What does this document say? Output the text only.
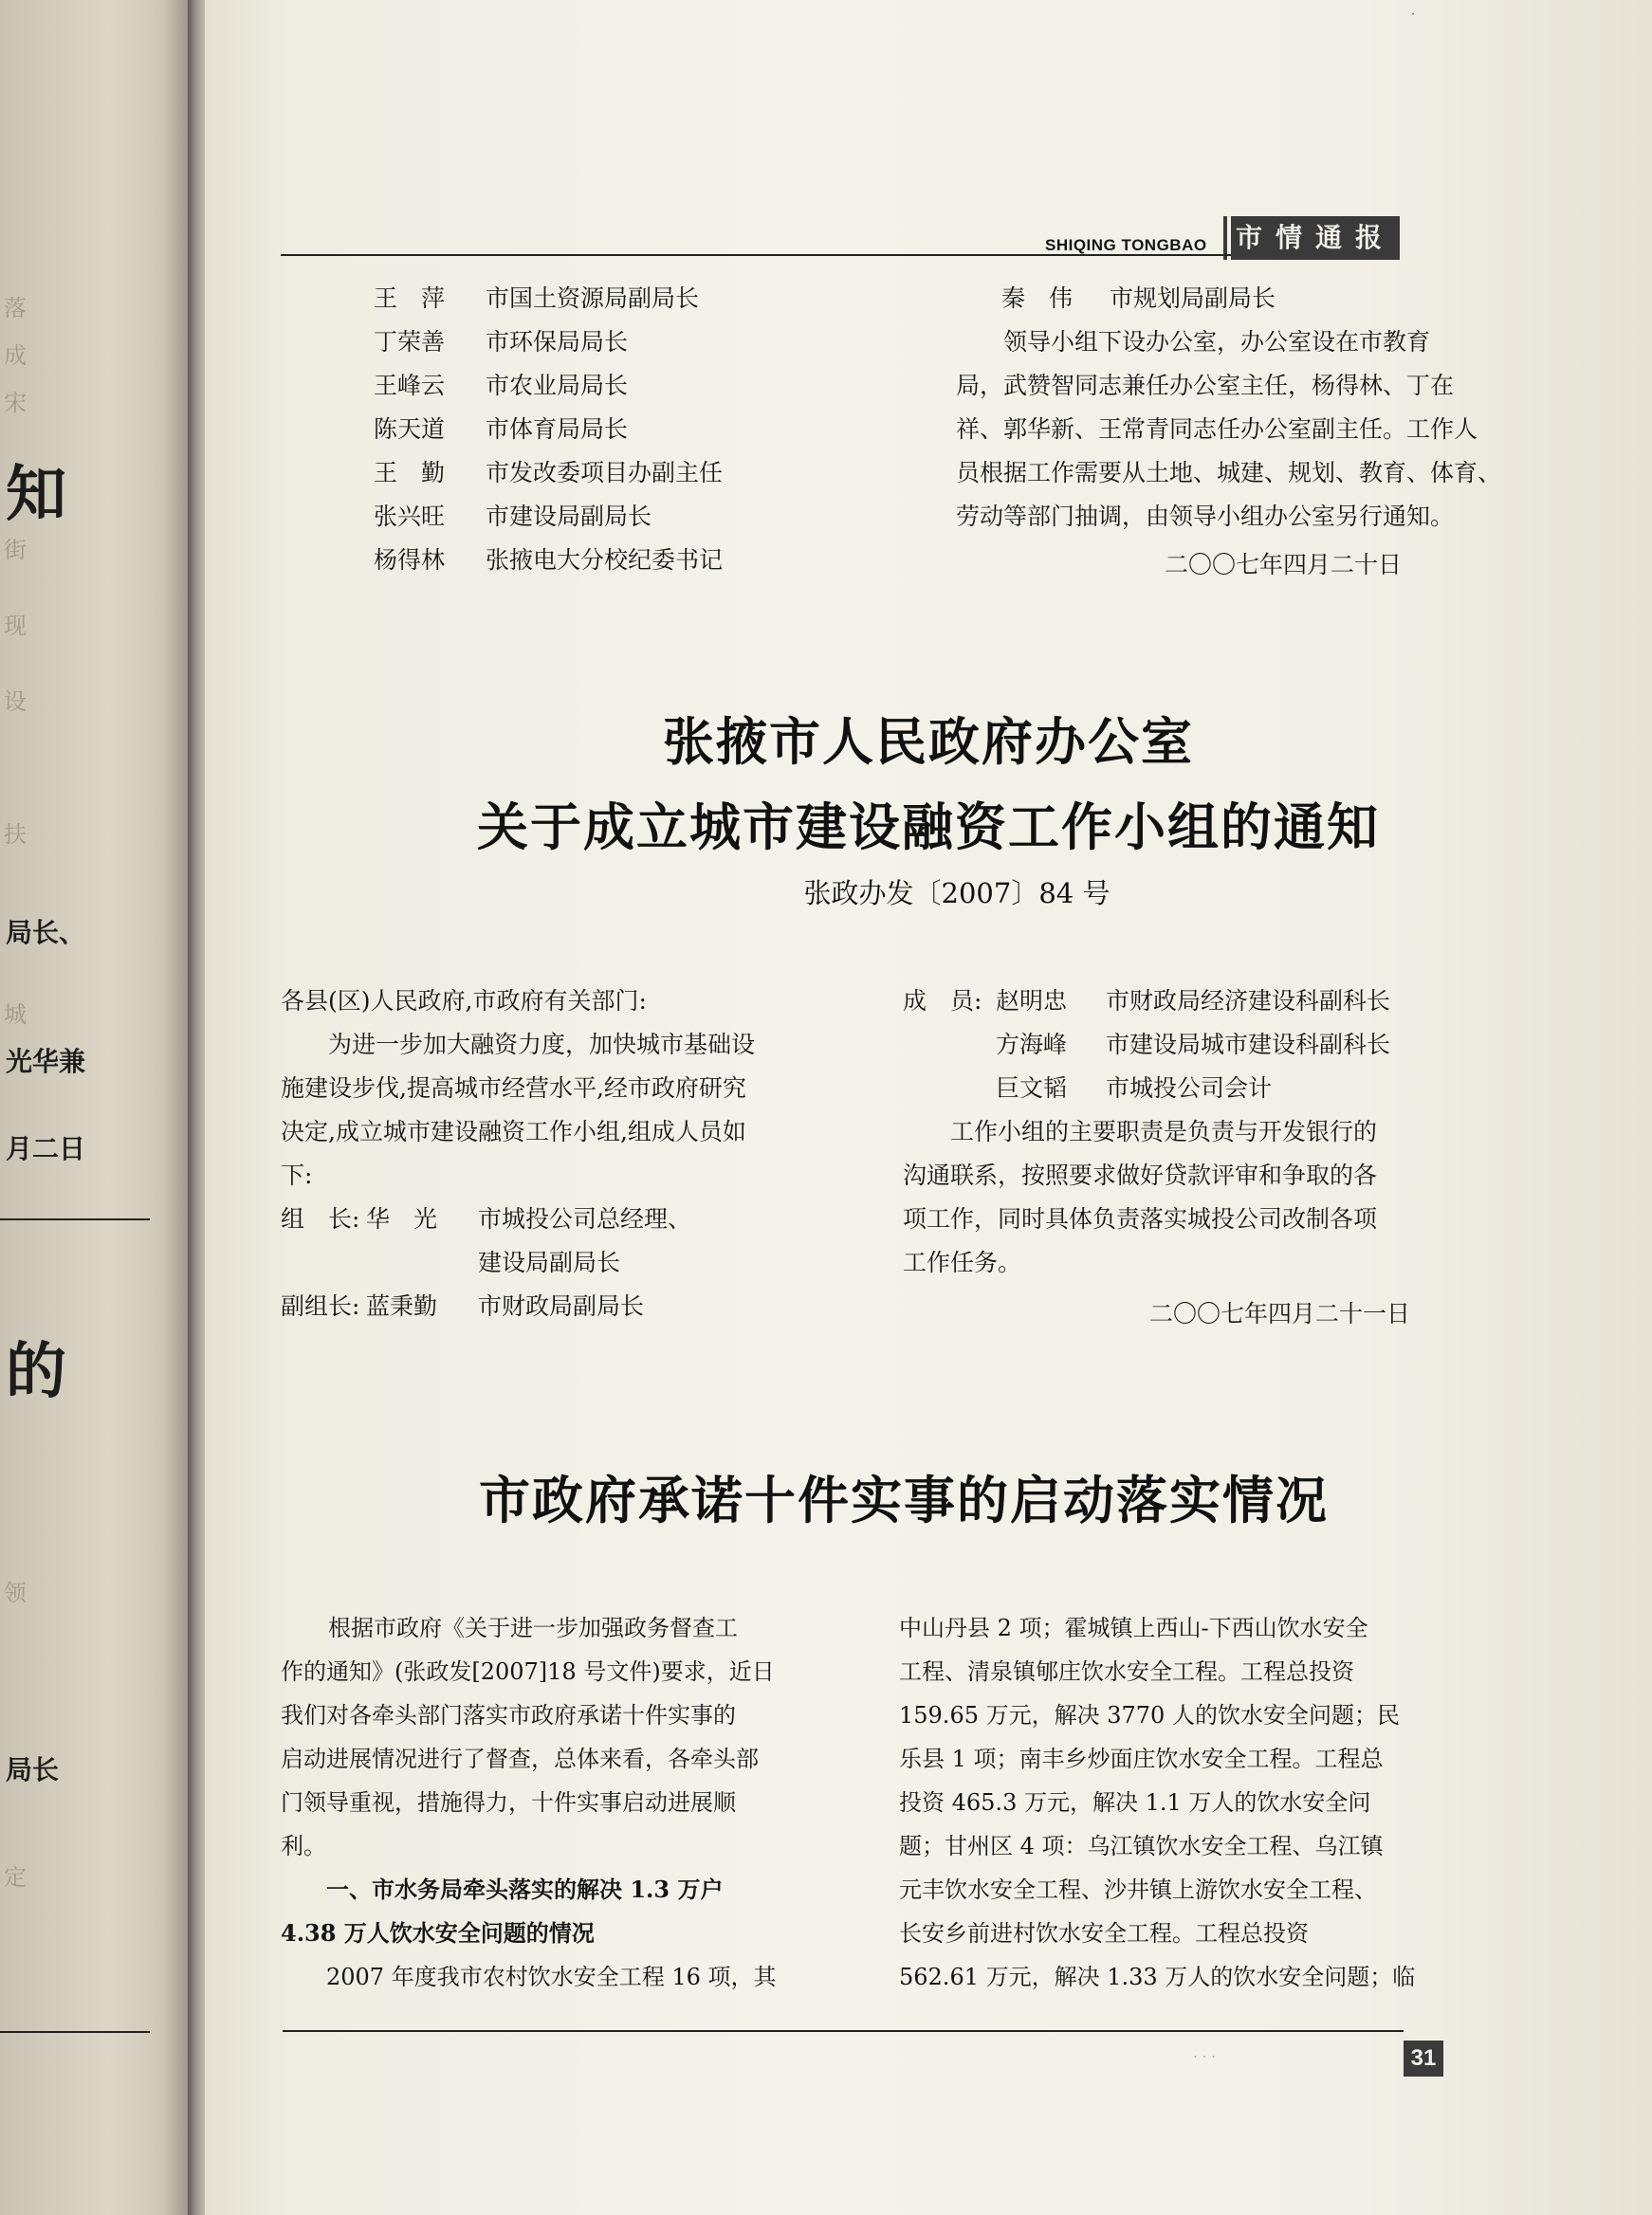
落
成
宋
知
街
现
设
扶
局长、
城
光华兼
月二日
的
领
局长
定
·
SHIQING TONGBAO 市情通报
王　萍 市国土资源局副局长
丁荣善 市环保局局长
王峰云 市农业局局长
陈天道 市体育局局长
王　勤 市发改委项目办副主任
张兴旺 市建设局副局长
杨得林 张掖电大分校纪委书记
秦　伟 市规划局副局长
领导小组下设办公室，办公室设在市教育
局，武赞智同志兼任办公室主任，杨得林、丁在
祥、郭华新、王常青同志任办公室副主任。工作人
员根据工作需要从土地、城建、规划、教育、体育、
劳动等部门抽调，由领导小组办公室另行通知。
二〇〇七年四月二十日
张掖市人民政府办公室
关于成立城市建设融资工作小组的通知
张政办发〔2007〕84 号
各县(区)人民政府,市政府有关部门:
为进一步加大融资力度，加快城市基础设
施建设步伐,提高城市经营水平,经市政府研究
决定,成立城市建设融资工作小组,组成人员如
下:
组　长: 华　光 市城投公司总经理、
建设局副局长
副组长: 蓝秉勤 市财政局副局长
成　员: 赵明忠 市财政局经济建设科副科长
方海峰 市建设局城市建设科副科长
巨文韬 市城投公司会计
工作小组的主要职责是负责与开发银行的
沟通联系，按照要求做好贷款评审和争取的各
项工作，同时具体负责落实城投公司改制各项
工作任务。
二〇〇七年四月二十一日
市政府承诺十件实事的启动落实情况
根据市政府《关于进一步加强政务督查工
作的通知》(张政发[2007]18 号文件)要求，近日
我们对各牵头部门落实市政府承诺十件实事的
启动进展情况进行了督查，总体来看，各牵头部
门领导重视，措施得力，十件实事启动进展顺
利。
一、市水务局牵头落实的解决 1.3 万户
4.38 万人饮水安全问题的情况
2007 年度我市农村饮水安全工程 16 项，其
中山丹县 2 项；霍城镇上西山-下西山饮水安全
工程、清泉镇郇庄饮水安全工程。工程总投资
159.65 万元，解决 3770 人的饮水安全问题；民
乐县 1 项；南丰乡炒面庄饮水安全工程。工程总
投资 465.3 万元，解决 1.1 万人的饮水安全问
题；甘州区 4 项：乌江镇饮水安全工程、乌江镇
元丰饮水安全工程、沙井镇上游饮水安全工程、
长安乡前进村饮水安全工程。工程总投资
562.61 万元，解决 1.33 万人的饮水安全问题；临
· · ·	31
